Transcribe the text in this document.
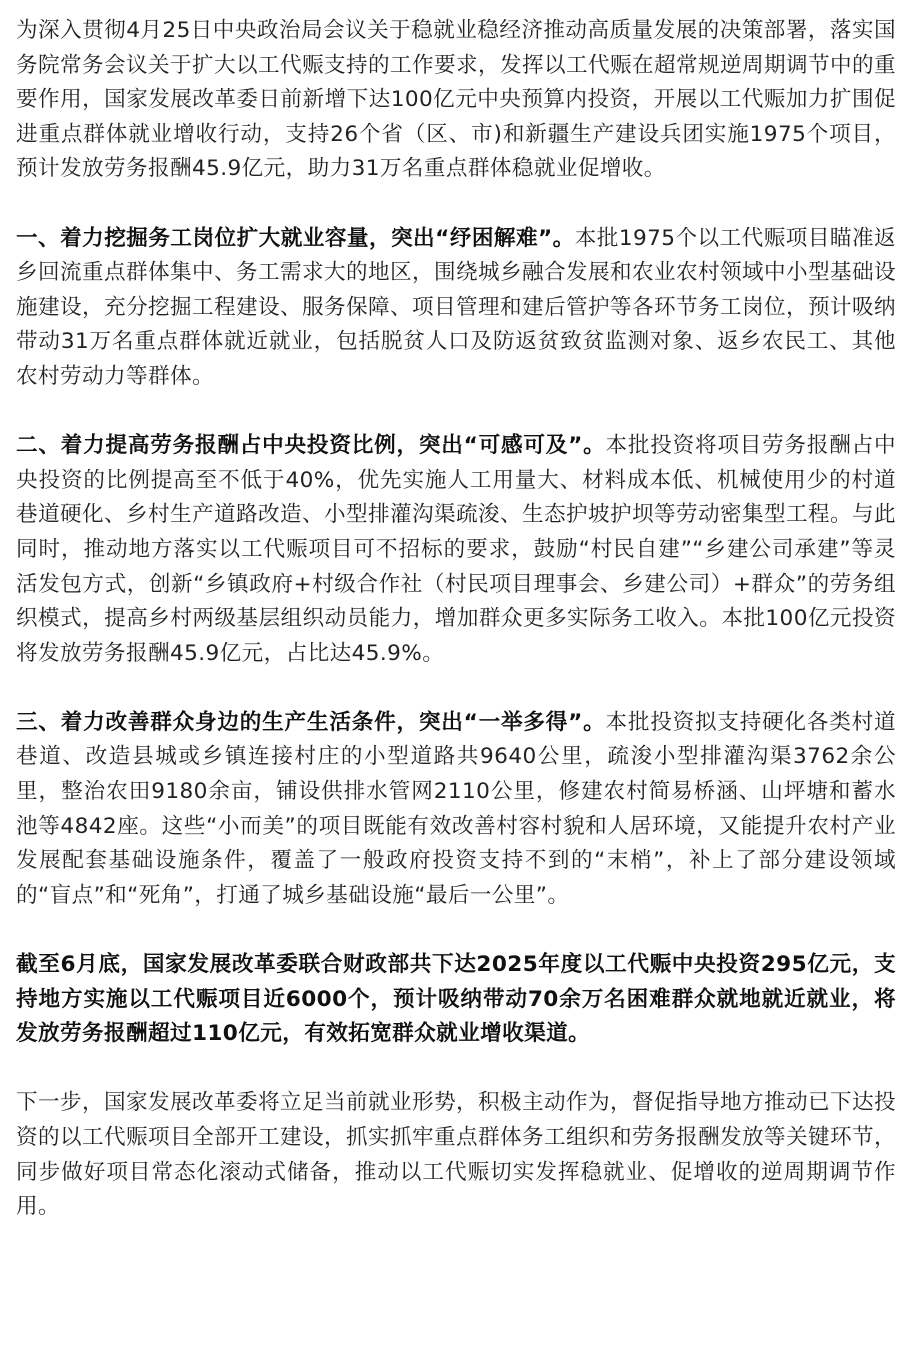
为深入贯彻4月25日中央政治局会议关于稳就业稳经济推动高质量发展的决策部署，落实国务院常务会议关于扩大以工代赈支持的工作要求，发挥以工代赈在超常规逆周期调节中的重要作用，国家发展改革委日前新增下达100亿元中央预算内投资，开展以工代赈加力扩围促进重点群体就业增收行动，支持26个省（区、市)和新疆生产建设兵团实施1975个项目，预计发放劳务报酬45.9亿元，助力31万名重点群体稳就业促增收。

一、着力挖掘务工岗位扩大就业容量，突出“纾困解难”。本批1975个以工代赈项目瞄准返乡回流重点群体集中、务工需求大的地区，围绕城乡融合发展和农业农村领域中小型基础设施建设，充分挖掘工程建设、服务保障、项目管理和建后管护等各环节务工岗位，预计吸纳带动31万名重点群体就近就业，包括脱贫人口及防返贫致贫监测对象、返乡农民工、其他农村劳动力等群体。

二、着力提高劳务报酬占中央投资比例，突出“可感可及”。本批投资将项目劳务报酬占中央投资的比例提高至不低于40%，优先实施人工用量大、材料成本低、机械使用少的村道巷道硬化、乡村生产道路改造、小型排灌沟渠疏浚、生态护坡护坝等劳动密集型工程。与此同时，推动地方落实以工代赈项目可不招标的要求，鼓励“村民自建”“乡建公司承建”等灵活发包方式，创新“乡镇政府+村级合作社（村民项目理事会、乡建公司）+群众”的劳务组织模式，提高乡村两级基层组织动员能力，增加群众更多实际务工收入。本批100亿元投资将发放劳务报酬45.9亿元，占比达45.9%。

三、着力改善群众身边的生产生活条件，突出“一举多得”。本批投资拟支持硬化各类村道巷道、改造县城或乡镇连接村庄的小型道路共9640公里，疏浚小型排灌沟渠3762余公里，整治农田9180余亩，铺设供排水管网2110公里，修建农村简易桥涵、山坪塘和蓄水池等4842座。这些“小而美”的项目既能有效改善村容村貌和人居环境，又能提升农村产业发展配套基础设施条件，覆盖了一般政府投资支持不到的“末梢”，补上了部分建设领域的“盲点”和“死角”，打通了城乡基础设施“最后一公里”。

截至6月底，国家发展改革委联合财政部共下达2025年度以工代赈中央投资295亿元，支持地方实施以工代赈项目近6000个，预计吸纳带动70余万名困难群众就地就近就业，将发放劳务报酬超过110亿元，有效拓宽群众就业增收渠道。

下一步，国家发展改革委将立足当前就业形势，积极主动作为，督促指导地方推动已下达投资的以工代赈项目全部开工建设，抓实抓牢重点群体务工组织和劳务报酬发放等关键环节，同步做好项目常态化滚动式储备，推动以工代赈切实发挥稳就业、促增收的逆周期调节作用。
